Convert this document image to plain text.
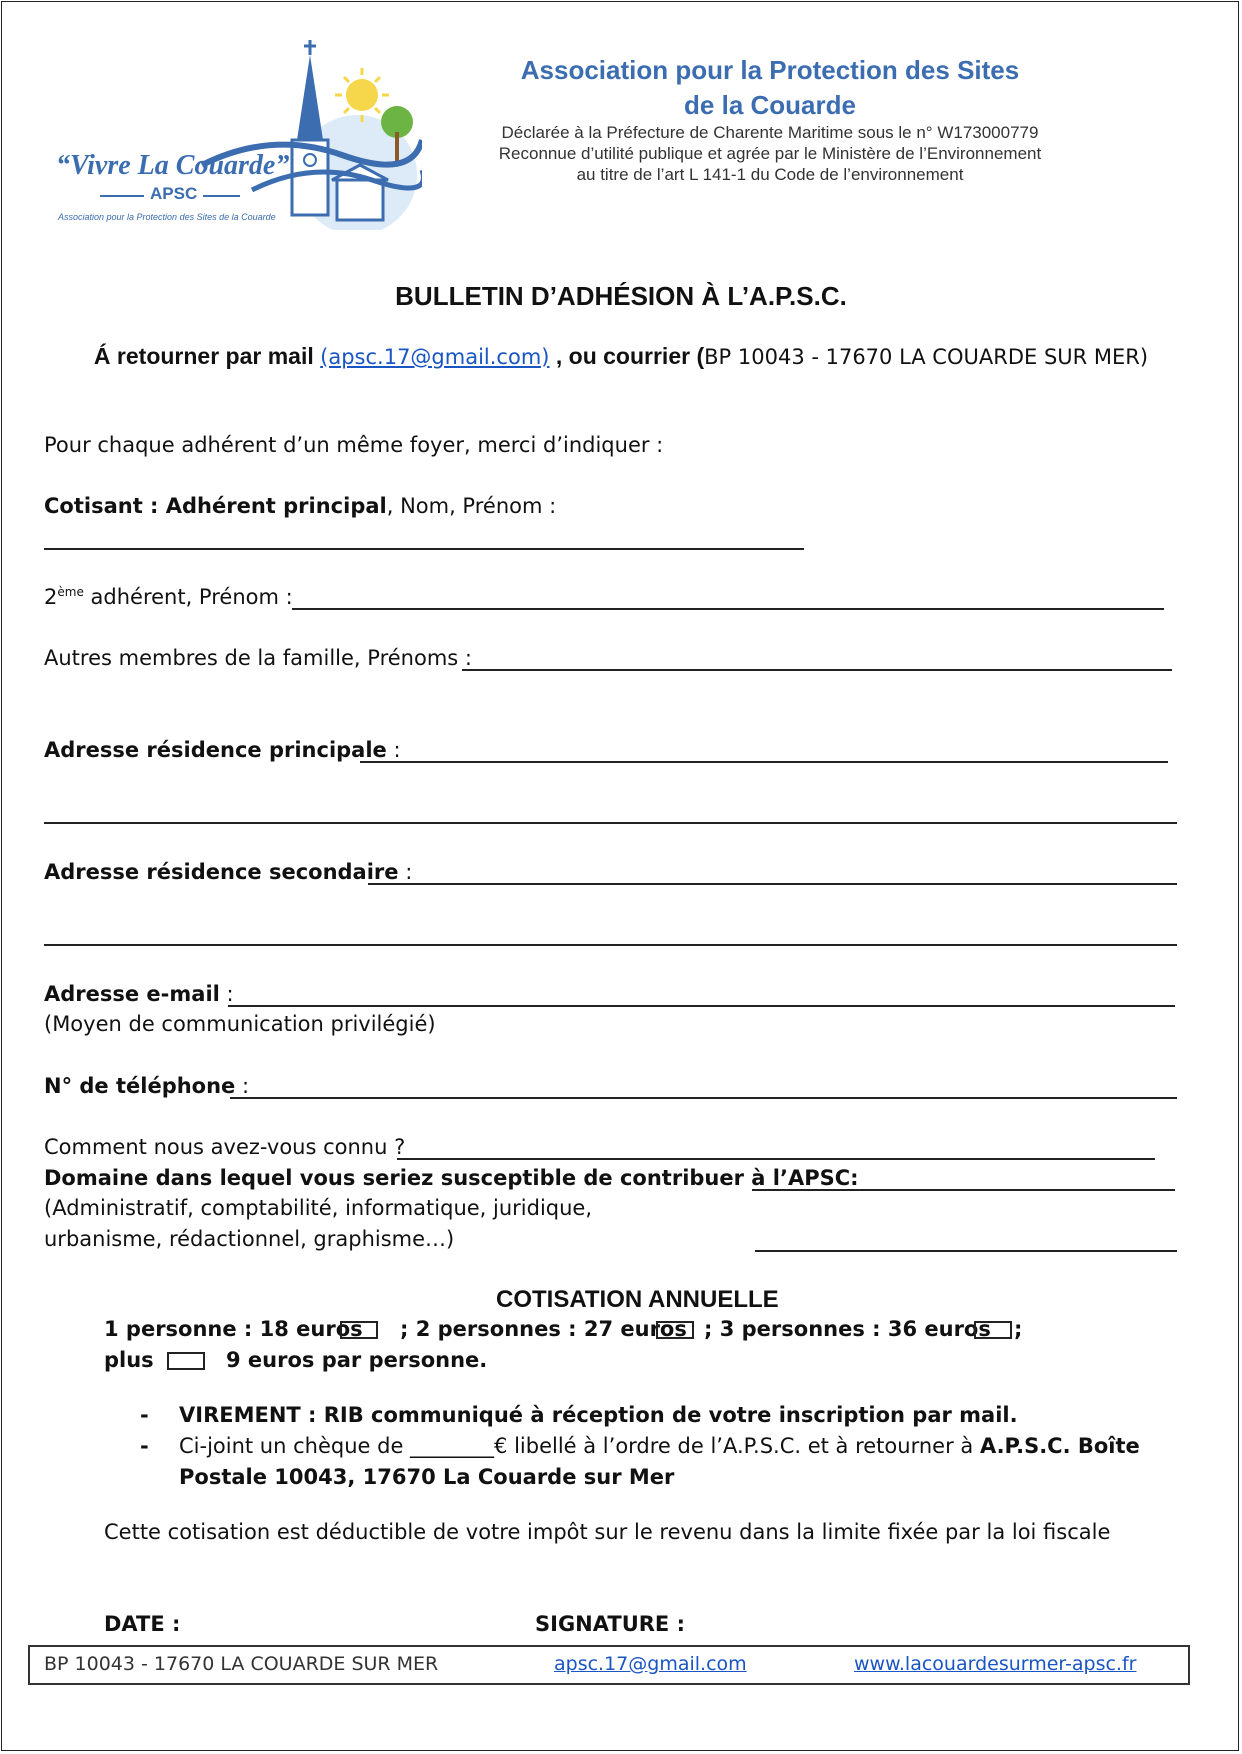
“Vivre La Couarde”
APSC
Association pour la Protection des Sites de la Couarde
Association pour la Protection des Sites
de la Couarde
Déclarée à la Préfecture de Charente Maritime sous le n° W173000779
Reconnue d’utilité publique et agrée par le Ministère de l’Environnement
au titre de l’art L 141-1 du Code de l’environnement
BULLETIN D’ADHÉSION À L’A.P.S.C.
Á retourner par mail (apsc.17@gmail.com) , ou courrier (BP 10043 - 17670 LA COUARDE SUR MER)
Pour chaque adhérent d’un même foyer, merci d’indiquer :
Cotisant : Adhérent principal, Nom, Prénom :
2ème adhérent, Prénom :
Autres membres de la famille, Prénoms :
Adresse résidence principale :
Adresse résidence secondaire :
Adresse e-mail :
(Moyen de communication privilégié)
N° de téléphone :
Comment nous avez-vous connu ?
Domaine dans lequel vous seriez susceptible de contribuer à l’APSC:
(Administratif, comptabilité, informatique, juridique,
urbanisme, rédactionnel, graphisme…)
COTISATION ANNUELLE
1 personne : 18 euros ; 2 personnes : 27 euros ; 3 personnes : 36 euros ;
plus	9 euros par personne.
- VIREMENT : RIB communiqué à réception de votre inscription par mail.
- Ci-joint un chèque de ________€ libellé à l’ordre de l’A.P.S.C. et à retourner à A.P.S.C. Boîte
Postale 10043, 17670 La Couarde sur Mer
Cette cotisation est déductible de votre impôt sur le revenu dans la limite fixée par la loi fiscale
DATE :	SIGNATURE :
BP 10043 - 17670 LA COUARDE SUR MER	apsc.17@gmail.com	www.lacouardesurmer-apsc.fr
